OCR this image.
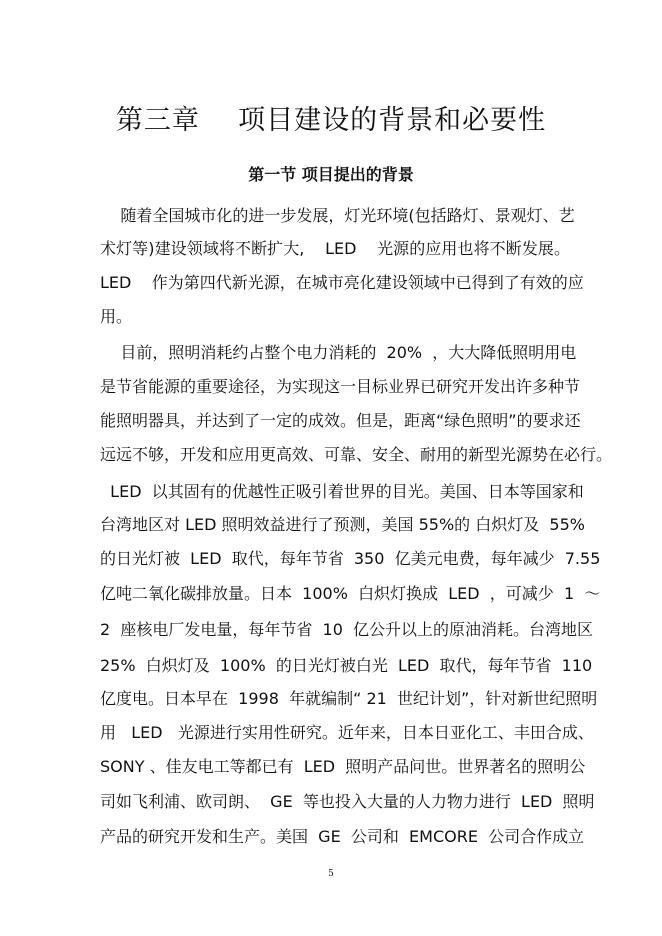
第三章    项目建设的背景和必要性
第一节 项目提出的背景
随着全国城市化的进一步发展，灯光环境(包括路灯、景观灯、艺
术灯等)建设领域将不断扩大,    LED    光源的应用也将不断发展。
LED    作为第四代新光源，在城市亮化建设领域中已得到了有效的应
用。
目前，照明消耗约占整个电力消耗的  20%  ，大大降低照明用电
是节省能源的重要途径，为实现这一目标业界已研究开发出许多种节
能照明器具，并达到了一定的成效。但是，距离“绿色照明”的要求还
远远不够，开发和应用更高效、可靠、安全、耐用的新型光源势在必行。
LED  以其固有的优越性正吸引着世界的目光。美国、日本等国家和
台湾地区对 LED 照明效益进行了预测，美国 55%的 白炽灯及  55%
的日光灯被  LED  取代，每年节省  350  亿美元电费，每年减少  7.55
亿吨二氧化碳排放量。日本  100%  白炽灯换成  LED  ，可减少  1  ～
2  座核电厂发电量，每年节省  10  亿公升以上的原油消耗。台湾地区
25%  白炽灯及  100%  的日光灯被白光  LED  取代，每年节省  110
亿度电。日本早在  1998  年就编制“ 21  世纪计划”，针对新世纪照明
用   LED   光源进行实用性研究。近年来，日本日亚化工、丰田合成、
SONY 、佳友电工等都已有  LED  照明产品问世。世界著名的照明公
司如飞利浦、欧司朗、  GE  等也投入大量的人力物力进行  LED  照明
产品的研究开发和生产。美国  GE  公司和  EMCORE  公司合作成立
5
